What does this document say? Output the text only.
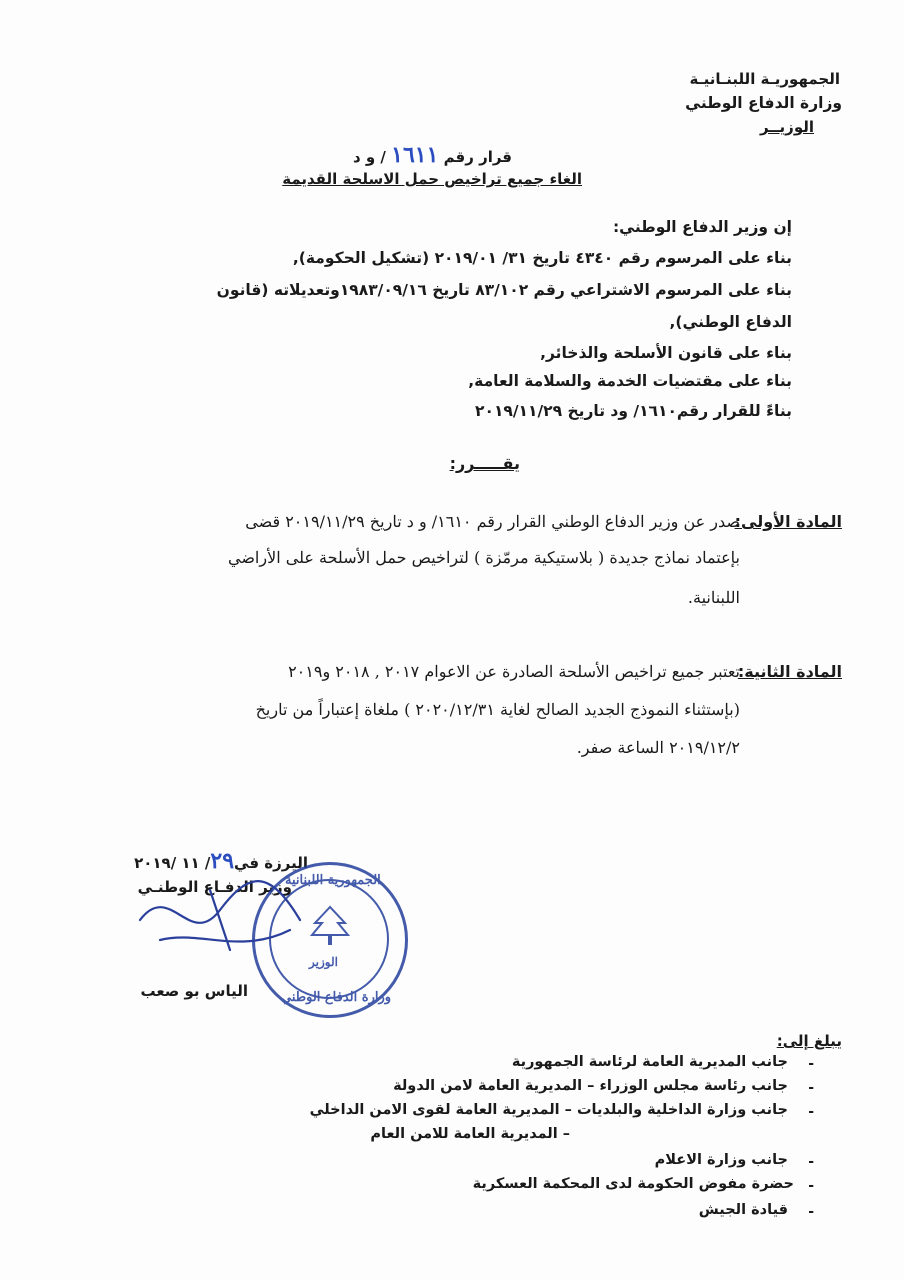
الجمهوريـة اللبنـانيـة
وزارة الدفاع الوطني
الوزيــر
قرار رقم ١٦١١ / و د
الغاء جميع تراخيص حمل الاسلحة القديمة
إن وزير الدفاع الوطني:
بناء على المرسوم رقم ٤٣٤٠ تاريخ ٣١/ ٢٠١٩/٠١ (تشكيل الحكومة),
بناء على المرسوم الاشتراعي رقم ٨٣/١٠٢ تاريخ ١٩٨٣/٠٩/١٦وتعديلاته (قانون
الدفاع الوطني),
بناء على قانون الأسلحة والذخائر,
بناء على مقتضيات الخدمة والسلامة العامة,
بناءً للقرار رقم١٦١٠/ ود تاريخ ٢٠١٩/١١/٢٩
يقـــــرر:
المادة الأولى:
صدر عن وزير الدفاع الوطني القرار رقم ١٦١٠/ و د تاريخ ٢٠١٩/١١/٢٩ قضى
بإعتماد نماذج جديدة ( بلاستيكية مرمّزة ) لتراخيص حمل الأسلحة على الأراضي
اللبنانية.
المادة الثانية:
تعتبر جميع تراخيص الأسلحة الصادرة عن الاعوام ٢٠١٧ , ٢٠١٨ و٢٠١٩
(بإستثناء النموذج الجديد الصالح لغاية ٢٠٢٠/١٢/٣١ ) ملغاة إعتباراً من تاريخ
٢٠١٩/١٢/٢ الساعة صفر.
اليرزة في٢٩/ ١١ /٢٠١٩
وزير الدفـاع الوطنـي
الجمهورية اللبنانية
وزارة الدفاع الوطني
الوزير
الياس بو صعب
يبلغ إلى:
-
جانب المديرية العامة لرئاسة الجمهورية
-
جانب رئاسة مجلس الوزراء – المديرية العامة لامن الدولة
-
جانب وزارة الداخلية والبلديات – المديرية العامة لقوى الامن الداخلي
– المديرية العامة للامن العام
-
جانب وزارة الاعلام
-
حضرة مفوض الحكومة لدى المحكمة العسكرية
-
قيادة الجيش
